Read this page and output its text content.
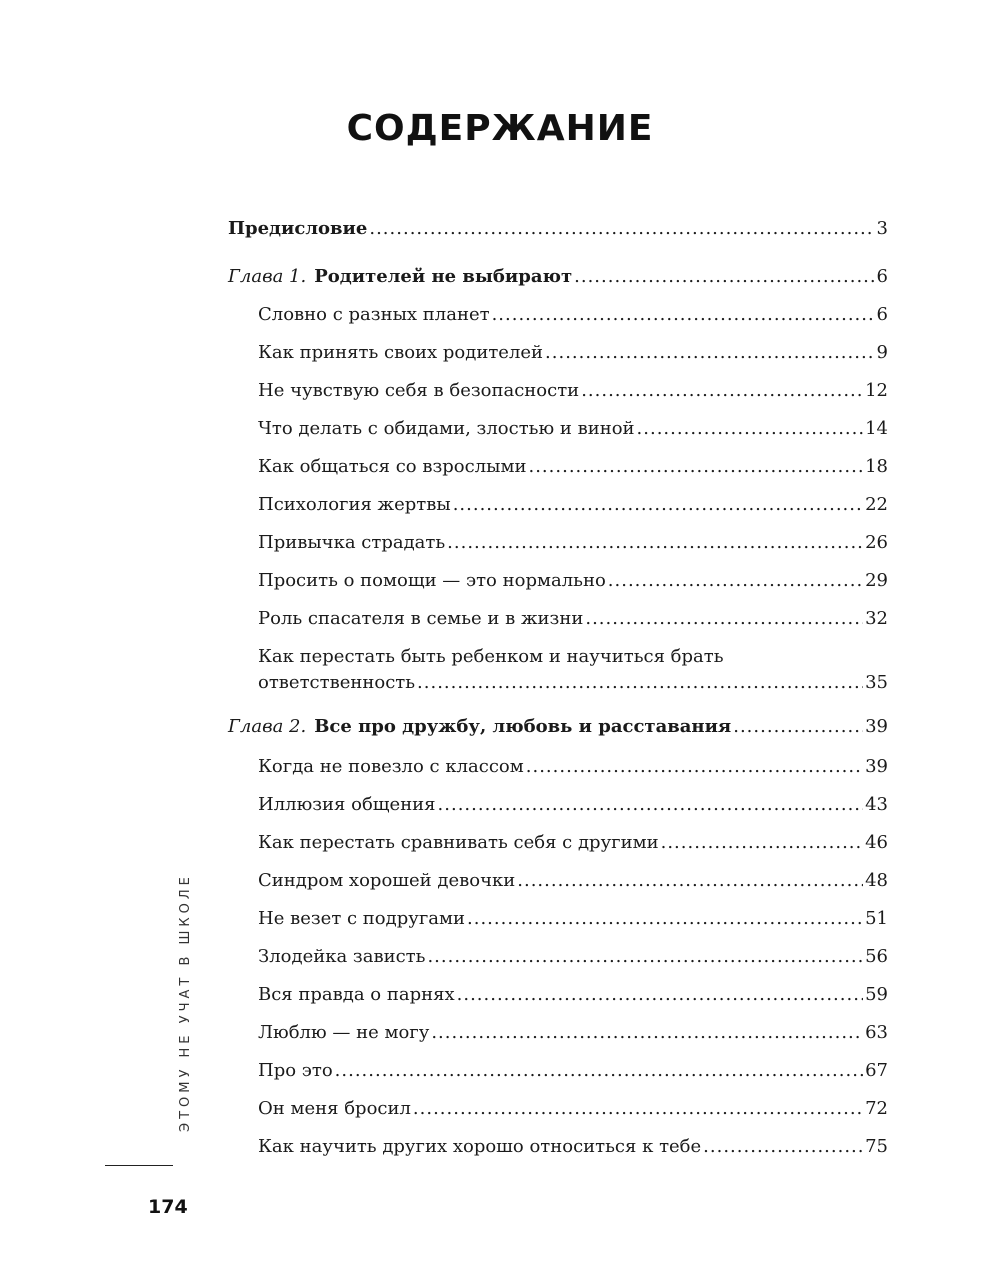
СОДЕРЖАНИЕ
Предисловие .....	3
Глава 1. Родителей не выбирают .....	6
Словно с разных планет .....	6
Как принять своих родителей .....	9
Не чувствую себя в безопасности .....	12
Что делать с обидами, злостью и виной .....	14
Как общаться со взрослыми .....	18
Психология жертвы .....	22
Привычка страдать .....	26
Просить о помощи — это нормально .....	29
Роль спасателя в семье и в жизни .....	32
Как перестать быть ребенком и научиться брать
ответственность .....	35
Глава 2. Все про дружбу, любовь и расставания .....	39
Когда не повезло с классом .....	39
Иллюзия общения .....	43
Как перестать сравнивать себя с другими .....	46
Синдром хорошей девочки .....	48
Не везет с подругами .....	51
Злодейка зависть .....	56
Вся правда о парнях .....	59
Люблю — не могу .....	63
Про это .....	67
Он меня бросил .....	72
Как научить других хорошо относиться к тебе .....	75
ЭТОМУ НЕ УЧАТ В ШКОЛЕ
174
